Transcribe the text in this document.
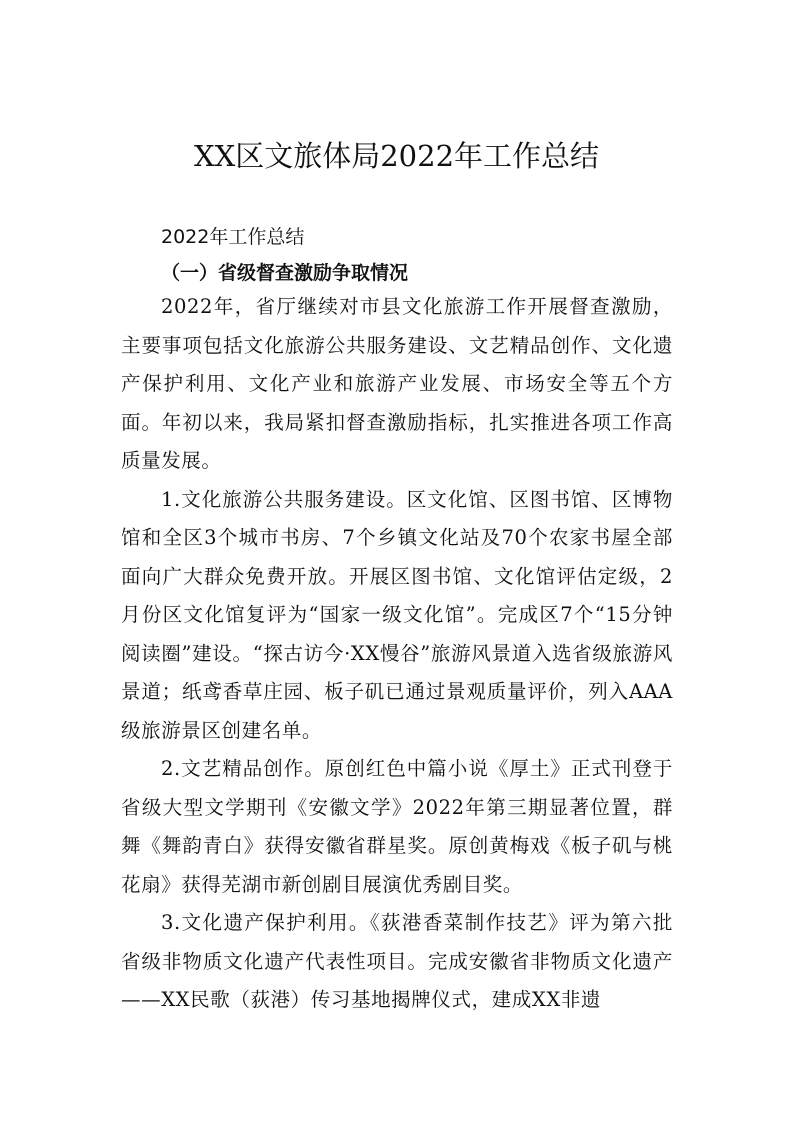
XX区文旅体局2022年工作总结
2022年工作总结
（一）省级督查激励争取情况

2022年，省厅继续对市县文化旅游工作开展督查激励，主要事项包括文化旅游公共服务建设、文艺精品创作、文化遗产保护利用、文化产业和旅游产业发展、市场安全等五个方面。年初以来，我局紧扣督查激励指标，扎实推进各项工作高质量发展。

1.文化旅游公共服务建设。区文化馆、区图书馆、区博物馆和全区3个城市书房、7个乡镇文化站及70个农家书屋全部面向广大群众免费开放。开展区图书馆、文化馆评估定级，2月份区文化馆复评为“国家一级文化馆”。完成区7个“15分钟阅读圈”建设。“探古访今·XX慢谷”旅游风景道入选省级旅游风景道；纸鸢香草庄园、板子矶已通过景观质量评价，列入AAA级旅游景区创建名单。

2.文艺精品创作。原创红色中篇小说《厚土》正式刊登于省级大型文学期刊《安徽文学》2022年第三期显著位置，群舞《舞韵青白》获得安徽省群星奖。原创黄梅戏《板子矶与桃花扇》获得芜湖市新创剧目展演优秀剧目奖。

3.文化遗产保护利用。《荻港香菜制作技艺》评为第六批省级非物质文化遗产代表性项目。完成安徽省非物质文化遗产——XX民歌（荻港）传习基地揭牌仪式，建成XX非遗
